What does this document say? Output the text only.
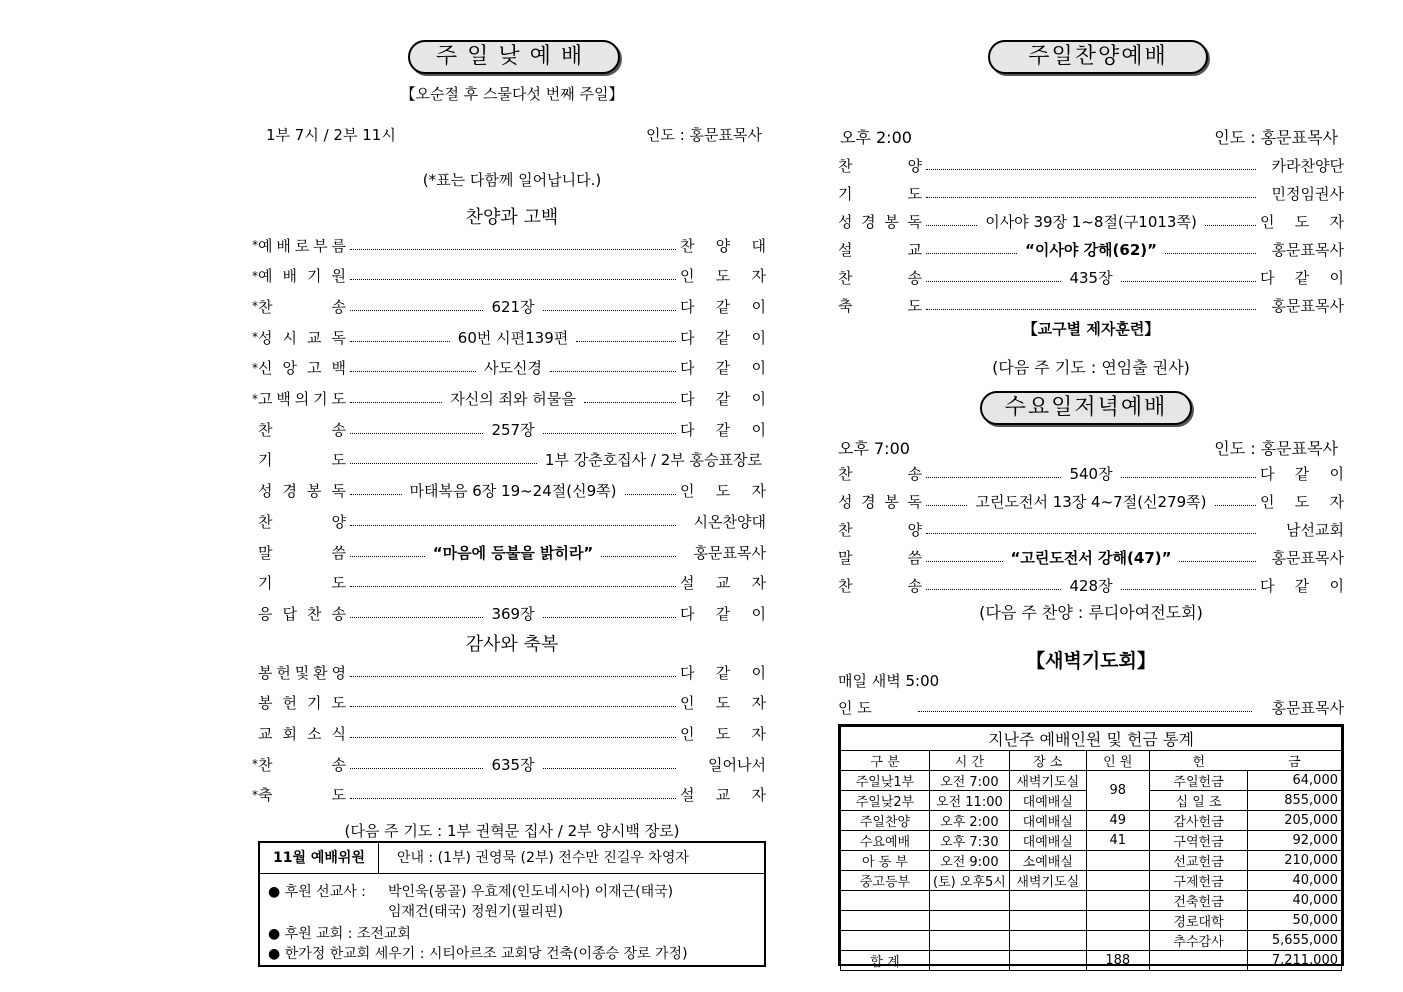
주일낮예배
【오순절 후 스물다섯 번째 주일】
1부 7시 / 2부 11시	인도 : 홍문표목사
(*표는 다함께 일어납니다.)
찬양과 고백
* 예 배 로 부 름	찬 양 대
* 예 배 기 원	인 도 자
* 찬	송	621장	다 같 이
* 성 시 교 독	60번 시편139편	다 같 이
* 신 앙 고 백	사도신경	다 같 이
* 고 백 의 기 도	자신의 죄와 허물을	다 같 이
찬	송	257장	다 같 이
기	도	1부 강춘호집사 / 2부 홍승표장로
성 경 봉 독	마태복음 6장 19~24절(신9쪽)	인 도 자
찬	양	시온찬양대
말	씀	“마음에 등불을 밝히라”	홍문표목사
기	도	설 교 자
응 답 찬 송	369장	다 같 이
감사와 축복
봉 헌 및 환 영	다 같 이
봉 헌 기 도	인 도 자
교 회 소 식	인 도 자
* 찬	송	635장	일어나서
* 축	도	설 교 자
(다음 주 기도 : 1부 권혁문 집사 / 2부 양시백 장로)
11월 예배위원	안내 : (1부) 권영묵 (2부) 전수만 진길우 차영자
● 후원 선교사 : 박인욱(몽골) 우효제(인도네시아) 이재근(태국)
임재건(태국) 정원기(필리핀)
● 후원 교회 : 조전교회
● 한가정 한교회 세우기 : 시티아르조 교회당 건축(이종승 장로 가정)
주일찬양예배
오후 2:00	인도 : 홍문표목사
찬	양	카라찬양단
기	도	민정임권사
성 경 봉 독	이사야 39장 1~8절(구1013쪽)	인 도 자
설	교	“이사야 강해(62)”	홍문표목사
찬	송	435장	다 같 이
축	도	홍문표목사
【교구별 제자훈련】
(다음 주 기도 : 연임출 권사)
수요일저녁예배
오후 7:00	인도 : 홍문표목사
찬	송	540장	다 같 이
성 경 봉 독	고린도전서 13장 4~7절(신279쪽)	인 도 자
찬	양	남선교회
말	씀	“고린도전서 강해(47)”	홍문표목사
찬	송	428장	다 같 이
(다음 주 찬양 : 루디아여전도회)
【새벽기도회】
매일 새벽 5:00
인 도	홍문표목사
지난주 예배인원 및 헌금 통계					
구 분	시 간	장 소	인 원	헌	금
주일낮1부	오전 7:00	새벽기도실	98	주일헌금	64,000
주일낮2부	오전 11:00	대예배실		십 일 조	855,000
주일찬양	오후 2:00	대예배실	49	감사헌금	205,000
수요예배	오후 7:30	대예배실	41	구역헌금	92,000
아 동 부	오전 9:00	소예배실		선교헌금	210,000
중고등부	(토) 오후5시	새벽기도실		구제헌금	40,000
				건축헌금	40,000
				경로대학	50,000
				추수감사	5,655,000
합 계			188		7,211,000
